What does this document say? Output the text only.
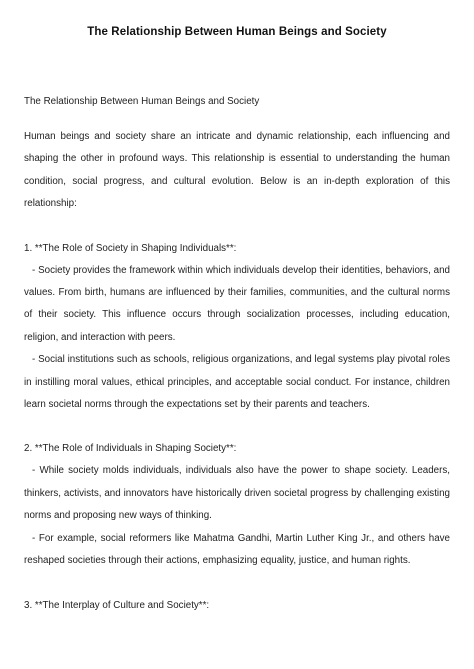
The Relationship Between Human Beings and Society
The Relationship Between Human Beings and Society

Human beings and society share an intricate and dynamic relationship, each influencing and shaping the other in profound ways. This relationship is essential to understanding the human condition, social progress, and cultural evolution. Below is an in-depth exploration of this relationship:

1. **The Role of Society in Shaping Individuals**:

- Society provides the framework within which individuals develop their identities, behaviors, and values. From birth, humans are influenced by their families, communities, and the cultural norms of their society. This influence occurs through socialization processes, including education, religion, and interaction with peers.

- Social institutions such as schools, religious organizations, and legal systems play pivotal roles in instilling moral values, ethical principles, and acceptable social conduct. For instance, children learn societal norms through the expectations set by their parents and teachers.

2. **The Role of Individuals in Shaping Society**:

- While society molds individuals, individuals also have the power to shape society. Leaders, thinkers, activists, and innovators have historically driven societal progress by challenging existing norms and proposing new ways of thinking.

- For example, social reformers like Mahatma Gandhi, Martin Luther King Jr., and others have reshaped societies through their actions, emphasizing equality, justice, and human rights.

3. **The Interplay of Culture and Society**:
